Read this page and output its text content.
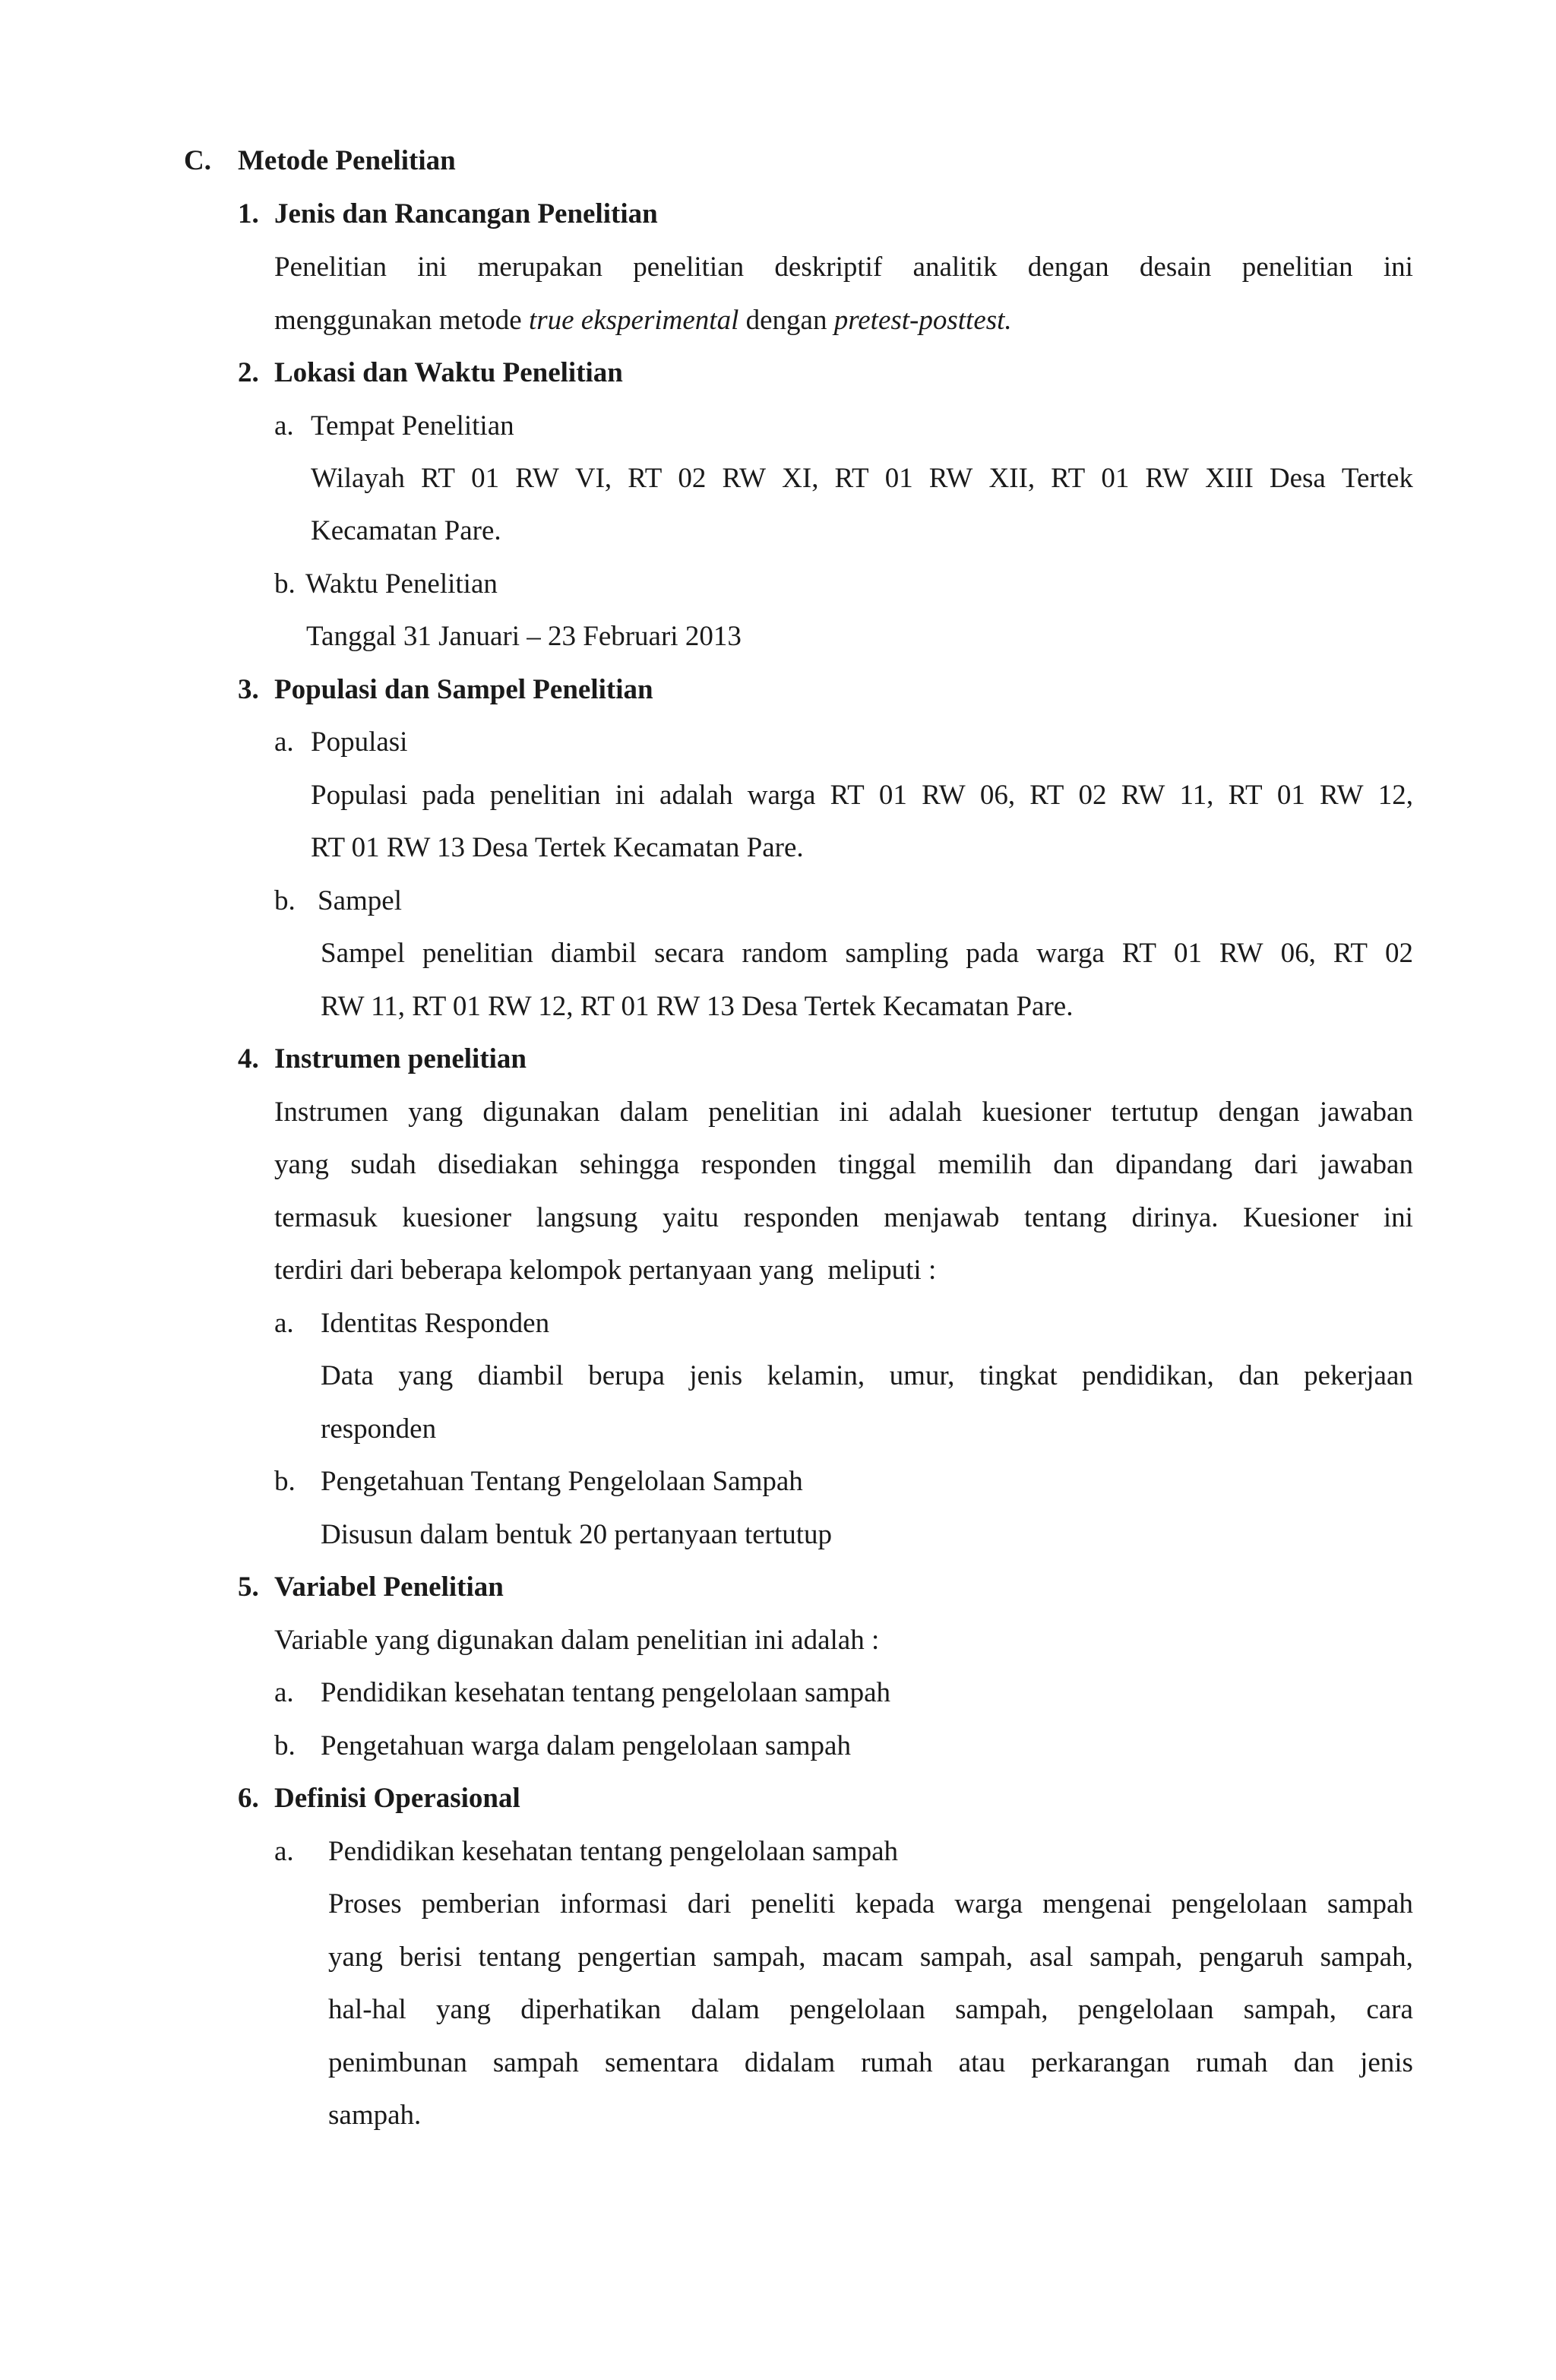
C. Metode Penelitian
1. Jenis dan Rancangan Penelitian
Penelitian ini merupakan penelitian deskriptif analitik dengan desain penelitian ini
menggunakan metode true eksperimental dengan pretest-posttest.
2. Lokasi dan Waktu Penelitian
a. Tempat Penelitian
Wilayah RT 01 RW VI, RT 02 RW XI, RT 01 RW XII, RT 01 RW XIII Desa Tertek
Kecamatan Pare.
b. Waktu Penelitian
Tanggal 31 Januari – 23 Februari 2013
3. Populasi dan Sampel Penelitian
a. Populasi
Populasi pada penelitian ini adalah warga RT 01 RW 06, RT 02 RW 11, RT 01 RW 12,
RT 01 RW 13 Desa Tertek Kecamatan Pare.
b. Sampel
Sampel penelitian diambil secara random sampling pada warga RT 01 RW 06, RT 02
RW 11, RT 01 RW 12, RT 01 RW 13 Desa Tertek Kecamatan Pare.
4. Instrumen penelitian
Instrumen yang digunakan dalam penelitian ini adalah kuesioner tertutup dengan jawaban
yang sudah disediakan sehingga responden tinggal memilih dan dipandang dari jawaban
termasuk kuesioner langsung yaitu responden menjawab tentang dirinya. Kuesioner ini
terdiri dari beberapa kelompok pertanyaan yang  meliputi :
a. Identitas Responden
Data yang diambil berupa jenis kelamin, umur, tingkat pendidikan, dan pekerjaan
responden
b. Pengetahuan Tentang Pengelolaan Sampah
Disusun dalam bentuk 20 pertanyaan tertutup
5. Variabel Penelitian
Variable yang digunakan dalam penelitian ini adalah :
a. Pendidikan kesehatan tentang pengelolaan sampah
b. Pengetahuan warga dalam pengelolaan sampah
6. Definisi Operasional
a. Pendidikan kesehatan tentang pengelolaan sampah
Proses pemberian informasi dari peneliti kepada warga mengenai pengelolaan sampah
yang berisi tentang pengertian sampah, macam sampah, asal sampah, pengaruh sampah,
hal-hal yang diperhatikan dalam pengelolaan sampah, pengelolaan sampah, cara
penimbunan sampah sementara didalam rumah atau perkarangan rumah dan jenis
sampah.
